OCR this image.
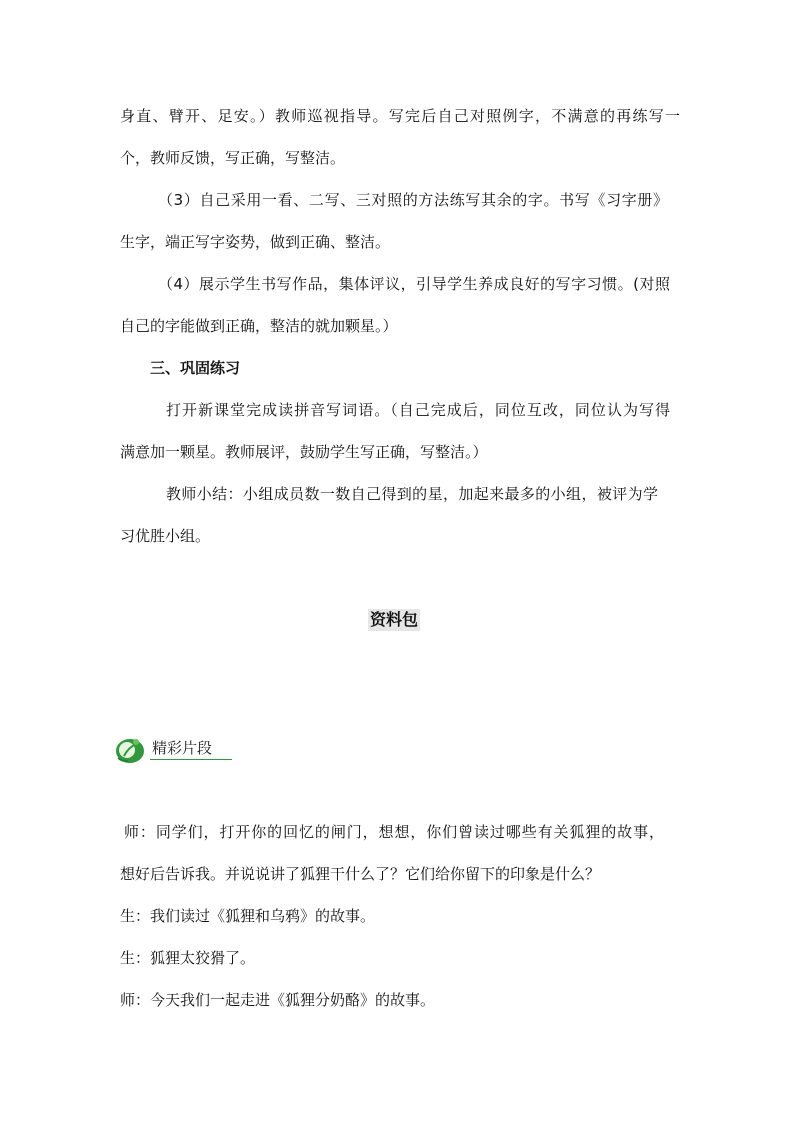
身直、臂开、足安。）教师巡视指导。写完后自己对照例字，不满意的再练写一
个，教师反馈，写正确，写整洁。
（3）自己采用一看、二写、三对照的方法练写其余的字。书写《习字册》
生字，端正写字姿势，做到正确、整洁。
（4）展示学生书写作品，集体评议，引导学生养成良好的写字习惯。(对照
自己的字能做到正确，整洁的就加颗星。）
三、巩固练习
打开新课堂完成读拼音写词语。（自己完成后，同位互改，同位认为写得
满意加一颗星。教师展评，鼓励学生写正确，写整洁。）
教师小结：小组成员数一数自己得到的星，加起来最多的小组，被评为学
习优胜小组。
资料包
精彩片段
师：同学们，打开你的回忆的闸门，想想，你们曾读过哪些有关狐狸的故事，
想好后告诉我。并说说讲了狐狸干什么了？它们给你留下的印象是什么？
生：我们读过《狐狸和乌鸦》的故事。
生：狐狸太狡猾了。
师：今天我们一起走进《狐狸分奶酪》的故事。
